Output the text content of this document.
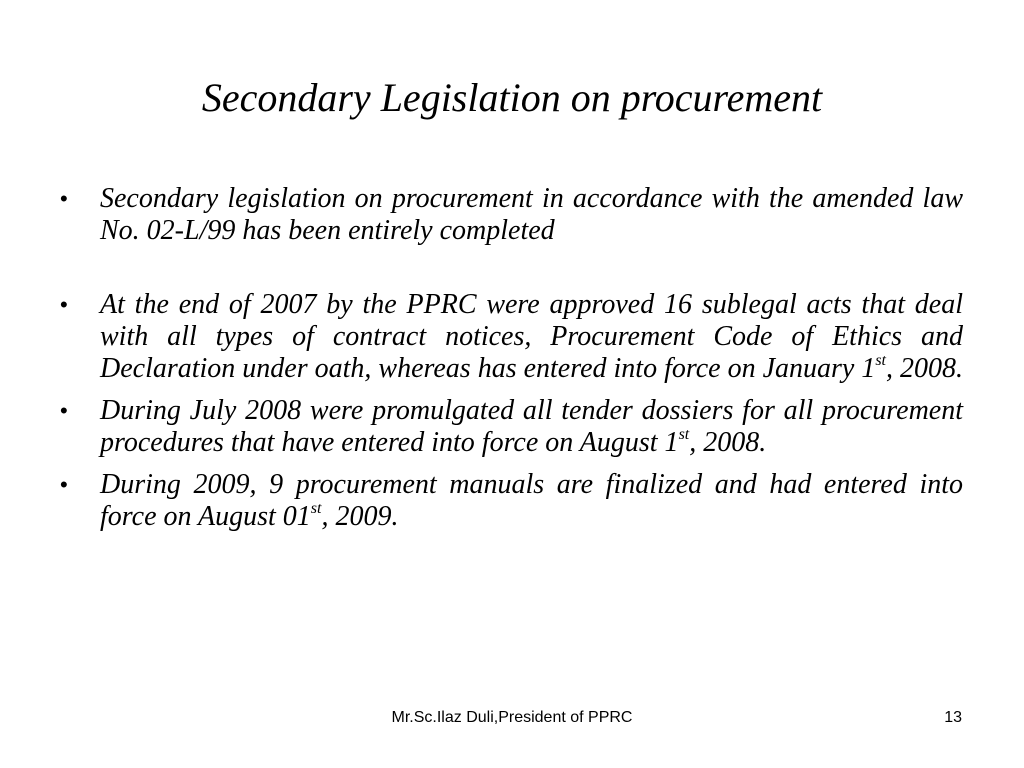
Secondary Legislation on procurement
• Secondary legislation on procurement in accordance with the amended law No. 02-L/99 has been entirely completed
• At the end of 2007 by the PPRC were approved 16 sublegal acts that deal with all types of contract notices, Procurement Code of Ethics and Declaration under oath, whereas has entered into force on January 1st, 2008.
• During July 2008 were promulgated all tender dossiers for all procurement procedures that have entered into force on August 1st, 2008.
• During 2009, 9 procurement manuals are finalized and had entered into force on August 01st, 2009.
Mr.Sc.Ilaz Duli,President of PPRC	13
